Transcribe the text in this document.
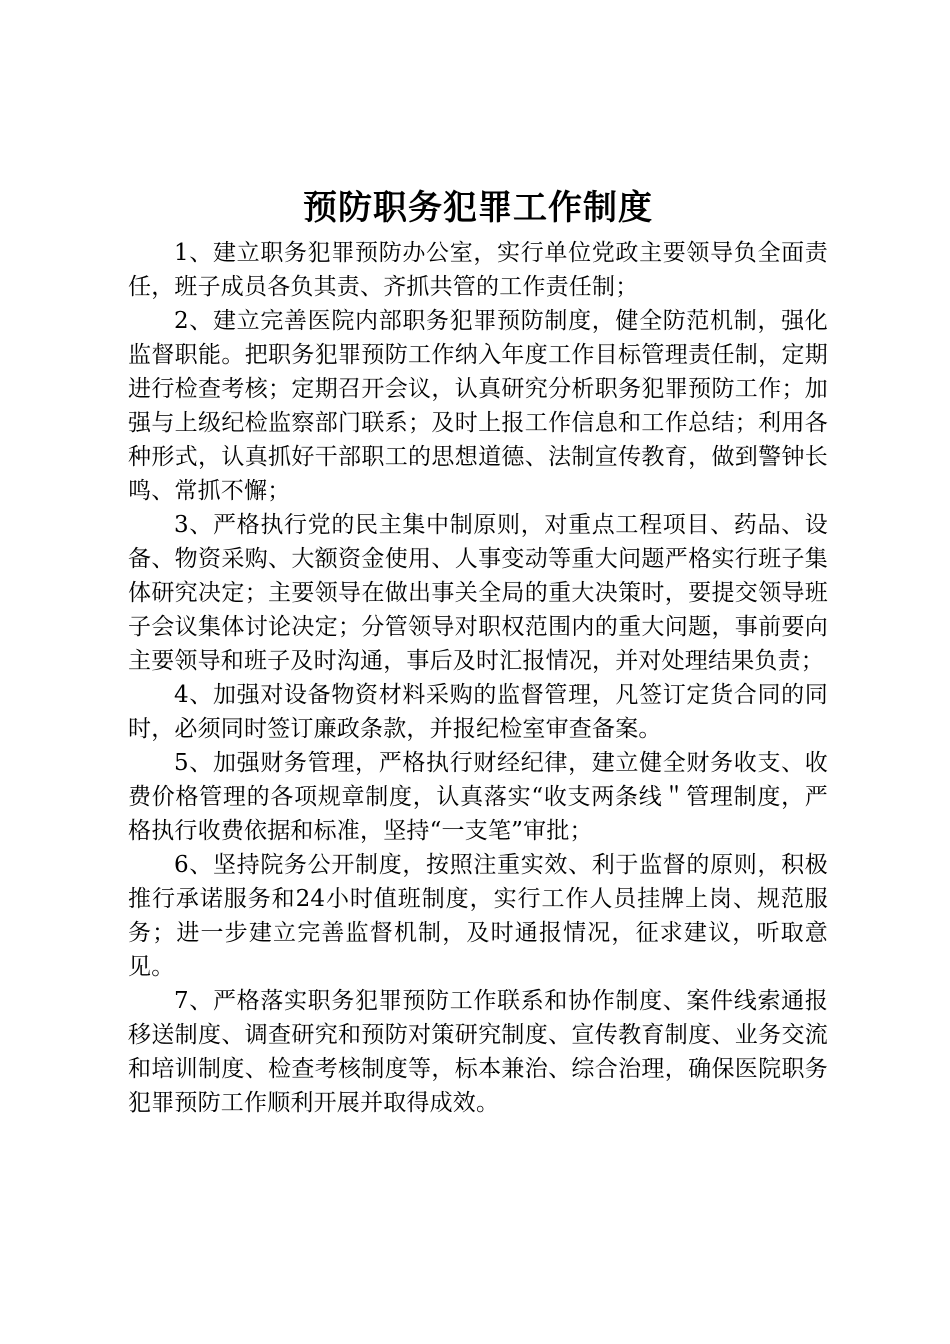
预防职务犯罪工作制度

1、建立职务犯罪预防办公室，实行单位党政主要领导负全面责任，班子成员各负其责、齐抓共管的工作责任制；

2、建立完善医院内部职务犯罪预防制度，健全防范机制，强化监督职能。把职务犯罪预防工作纳入年度工作目标管理责任制，定期进行检查考核；定期召开会议，认真研究分析职务犯罪预防工作；加强与上级纪检监察部门联系；及时上报工作信息和工作总结；利用各种形式，认真抓好干部职工的思想道德、法制宣传教育，做到警钟长鸣、常抓不懈；

3、严格执行党的民主集中制原则，对重点工程项目、药品、设备、物资采购、大额资金使用、人事变动等重大问题严格实行班子集体研究决定；主要领导在做出事关全局的重大决策时，要提交领导班子会议集体讨论决定；分管领导对职权范围内的重大问题，事前要向主要领导和班子及时沟通，事后及时汇报情况，并对处理结果负责；

4、加强对设备物资材料采购的监督管理，凡签订定货合同的同时，必须同时签订廉政条款，并报纪检室审查备案。

5、加强财务管理，严格执行财经纪律，建立健全财务收支、收费价格管理的各项规章制度，认真落实“收支两条线＂管理制度，严格执行收费依据和标准，坚持“一支笔”审批；

6、坚持院务公开制度，按照注重实效、利于监督的原则，积极推行承诺服务和24小时值班制度，实行工作人员挂牌上岗、规范服务；进一步建立完善监督机制，及时通报情况，征求建议，听取意见。

7、严格落实职务犯罪预防工作联系和协作制度、案件线索通报移送制度、调查研究和预防对策研究制度、宣传教育制度、业务交流和培训制度、检查考核制度等，标本兼治、综合治理，确保医院职务犯罪预防工作顺利开展并取得成效。
